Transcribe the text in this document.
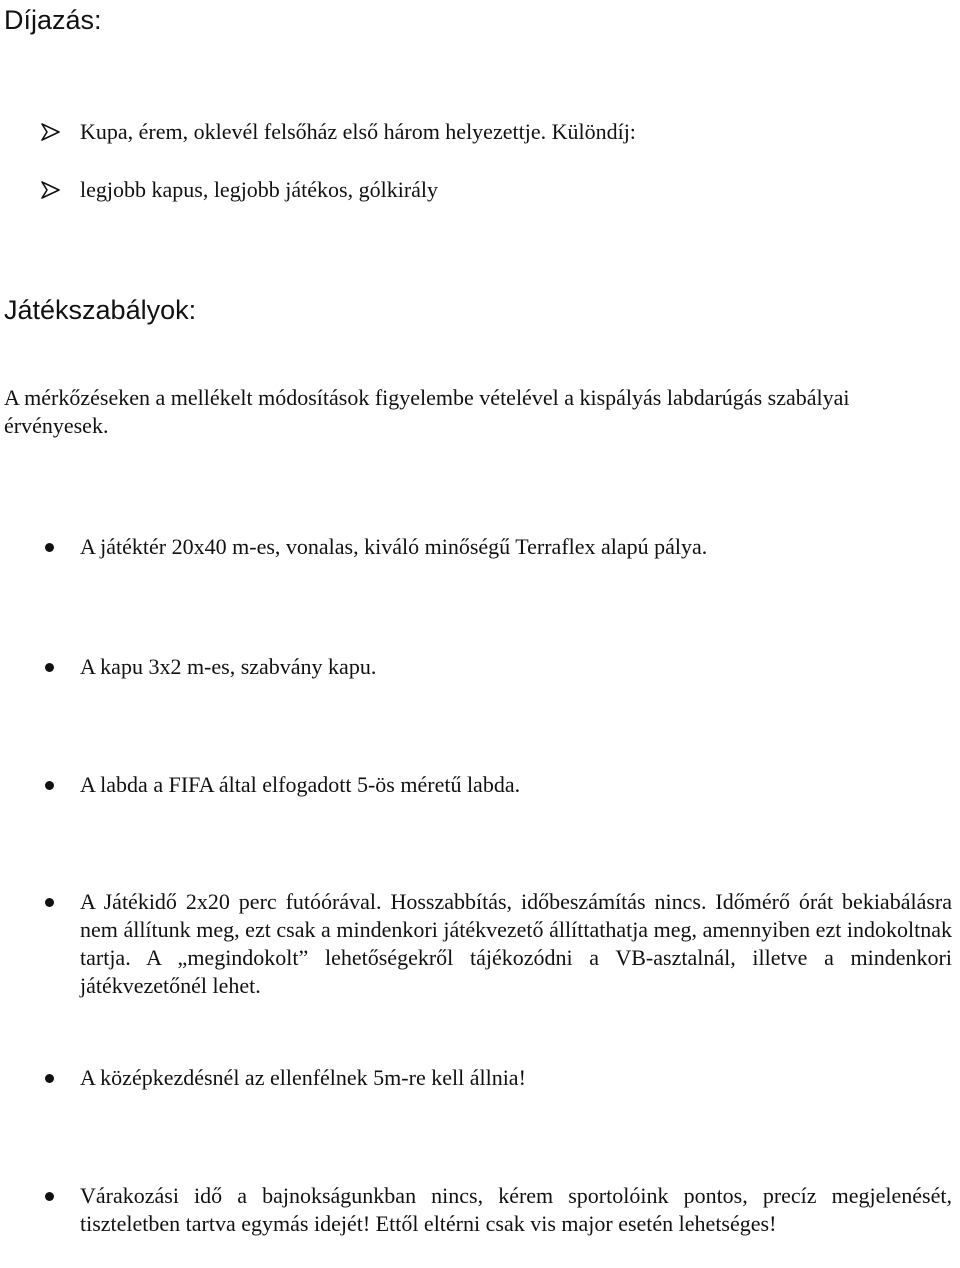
Díjazás:
Kupa, érem, oklevél felsőház első három helyezettje. Különdíj:
legjobb kapus, legjobb játékos, gólkirály
Játékszabályok:

A mérkőzéseken a mellékelt módosítások figyelembe vételével a kispályás labdarúgás szabályai érvényesek.

A játéktér 20x40 m-es, vonalas, kiváló minőségű Terraflex alapú pálya.
A kapu 3x2 m-es, szabvány kapu.
A labda a FIFA által elfogadott 5-ös méretű labda.
A Játékidő 2x20 perc futóórával. Hosszabbítás, időbeszámítás nincs. Időmérő órát bekiabálásra nem állítunk meg, ezt csak a mindenkori játékvezető állíttathatja meg, amennyiben ezt indokoltnak tartja. A „megindokolt” lehetőségekről tájékozódni a VB-asztalnál, illetve a mindenkori játékvezetőnél lehet.
A középkezdésnél az ellenfélnek 5m-re kell állnia!
Várakozási idő a bajnokságunkban nincs, kérem sportolóink pontos, precíz megjelenését, tiszteletben tartva egymás idejét! Ettől eltérni csak vis major esetén lehetséges!
